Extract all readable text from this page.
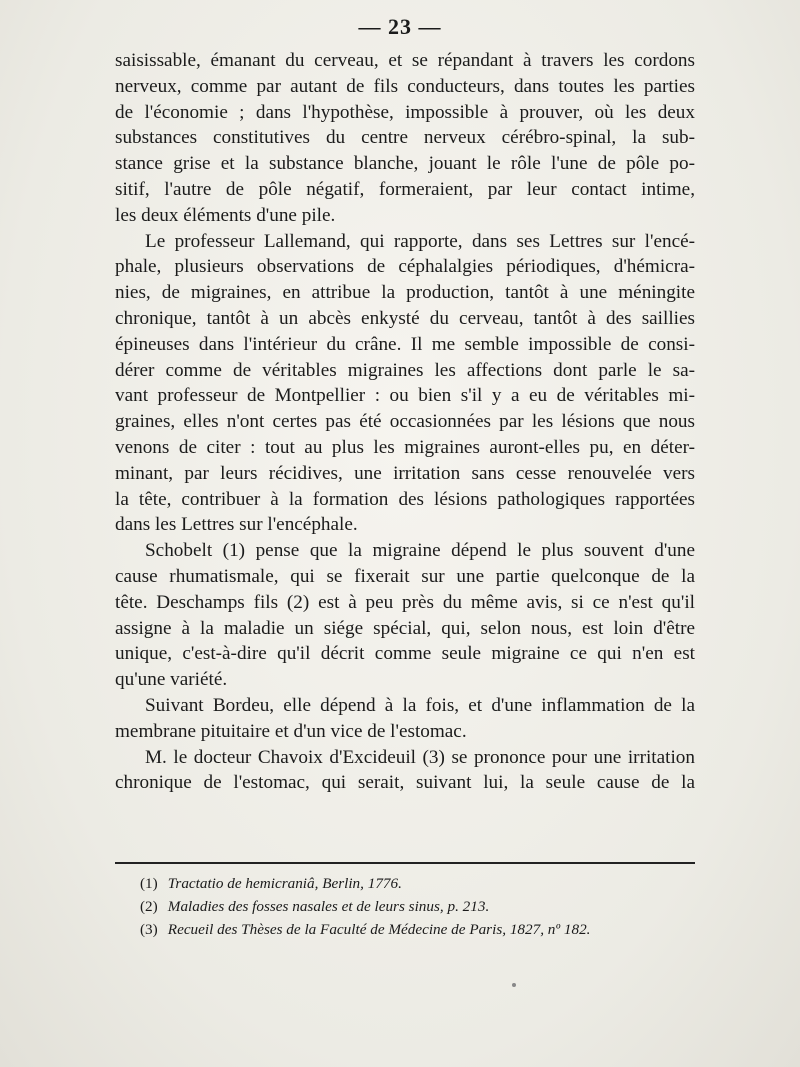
— 23 —

saisissable, émanant du cerveau, et se répandant à travers les cordons
nerveux, comme par autant de fils conducteurs, dans toutes les parties
de l'économie ; dans l'hypothèse, impossible à prouver, où les deux
substances constitutives du centre nerveux cérébro-spinal, la sub-
stance grise et la substance blanche, jouant le rôle l'une de pôle po-
sitif, l'autre de pôle négatif, formeraient, par leur contact intime,
les deux éléments d'une pile.

Le professeur Lallemand, qui rapporte, dans ses Lettres sur l'encé-
phale, plusieurs observations de céphalalgies périodiques, d'hémicra-
nies, de migraines, en attribue la production, tantôt à une méningite
chronique, tantôt à un abcès enkysté du cerveau, tantôt à des saillies
épineuses dans l'intérieur du crâne. Il me semble impossible de consi-
dérer comme de véritables migraines les affections dont parle le sa-
vant professeur de Montpellier : ou bien s'il y a eu de véritables mi-
graines, elles n'ont certes pas été occasionnées par les lésions que nous
venons de citer : tout au plus les migraines auront-elles pu, en déter-
minant, par leurs récidives, une irritation sans cesse renouvelée vers
la tête, contribuer à la formation des lésions pathologiques rapportées
dans les Lettres sur l'encéphale.

Schobelt (1) pense que la migraine dépend le plus souvent d'une
cause rhumatismale, qui se fixerait sur une partie quelconque de la
tête. Deschamps fils (2) est à peu près du même avis, si ce n'est qu'il
assigne à la maladie un siége spécial, qui, selon nous, est loin d'être
unique, c'est-à-dire qu'il décrit comme seule migraine ce qui n'en est
qu'une variété.

Suivant Bordeu, elle dépend à la fois, et d'une inflammation de la
membrane pituitaire et d'un vice de l'estomac.

M. le docteur Chavoix d'Excideuil (3) se prononce pour une irritation
chronique de l'estomac, qui serait, suivant lui, la seule cause de la

(1) Tractatio de hemicraniâ, Berlin, 1776.
(2) Maladies des fosses nasales et de leurs sinus, p. 213.
(3) Recueil des Thèses de la Faculté de Médecine de Paris, 1827, nº 182.
